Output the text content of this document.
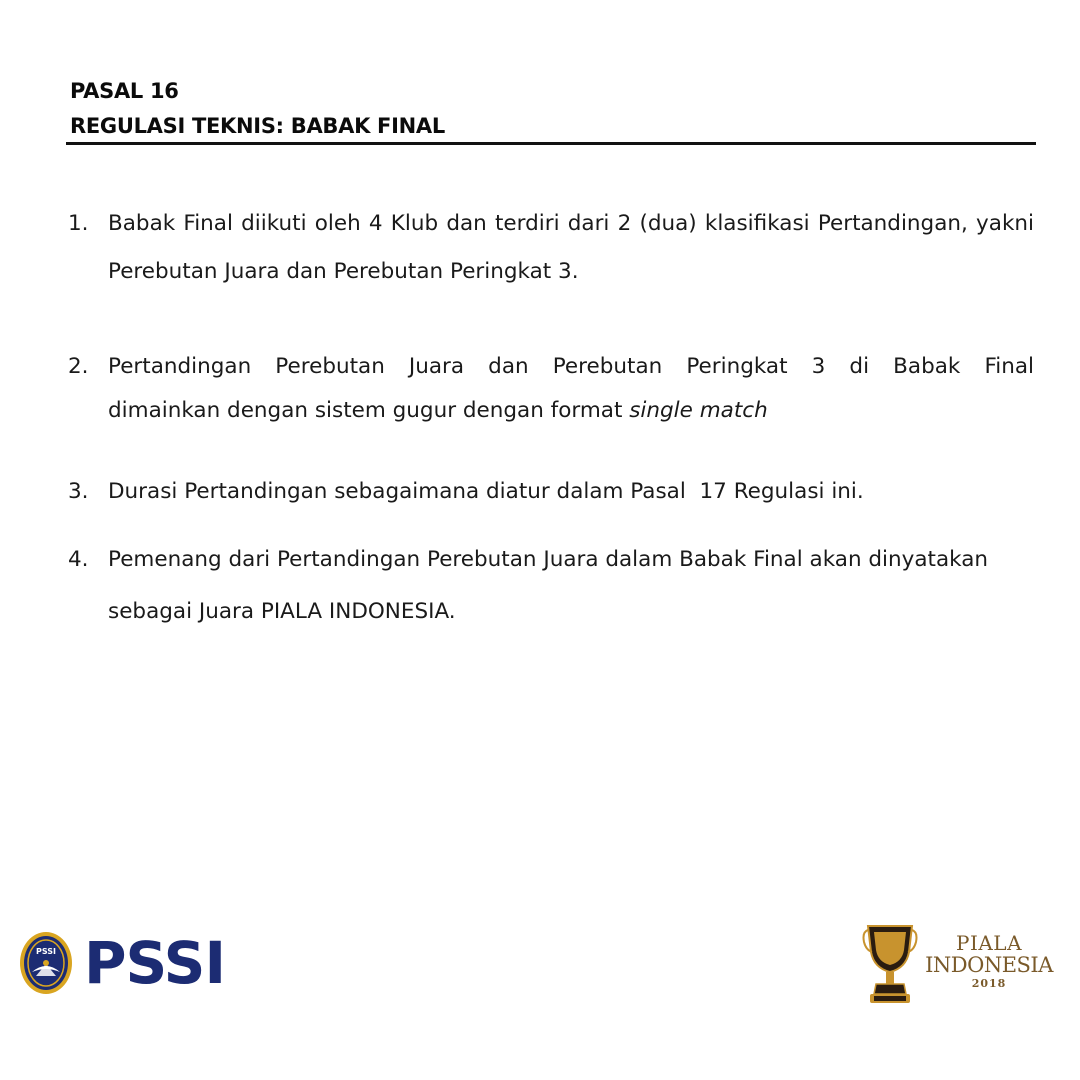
PASAL 16
REGULASI TEKNIS: BABAK FINAL
1. Babak Final diikuti oleh 4 Klub dan terdiri dari 2 (dua) klasifikasi Pertandingan, yakni
Perebutan Juara dan Perebutan Peringkat 3.
2. Pertandingan Perebutan Juara dan Perebutan Peringkat 3 di Babak Final
dimainkan dengan sistem gugur dengan format single match
3. Durasi Pertandingan sebagaimana diatur dalam Pasal  17 Regulasi ini.
4. Pemenang dari Pertandingan Perebutan Juara dalam Babak Final akan dinyatakan
sebagai Juara PIALA INDONESIA.
PSSI PSSI	PIALA
INDONESIA
2018
